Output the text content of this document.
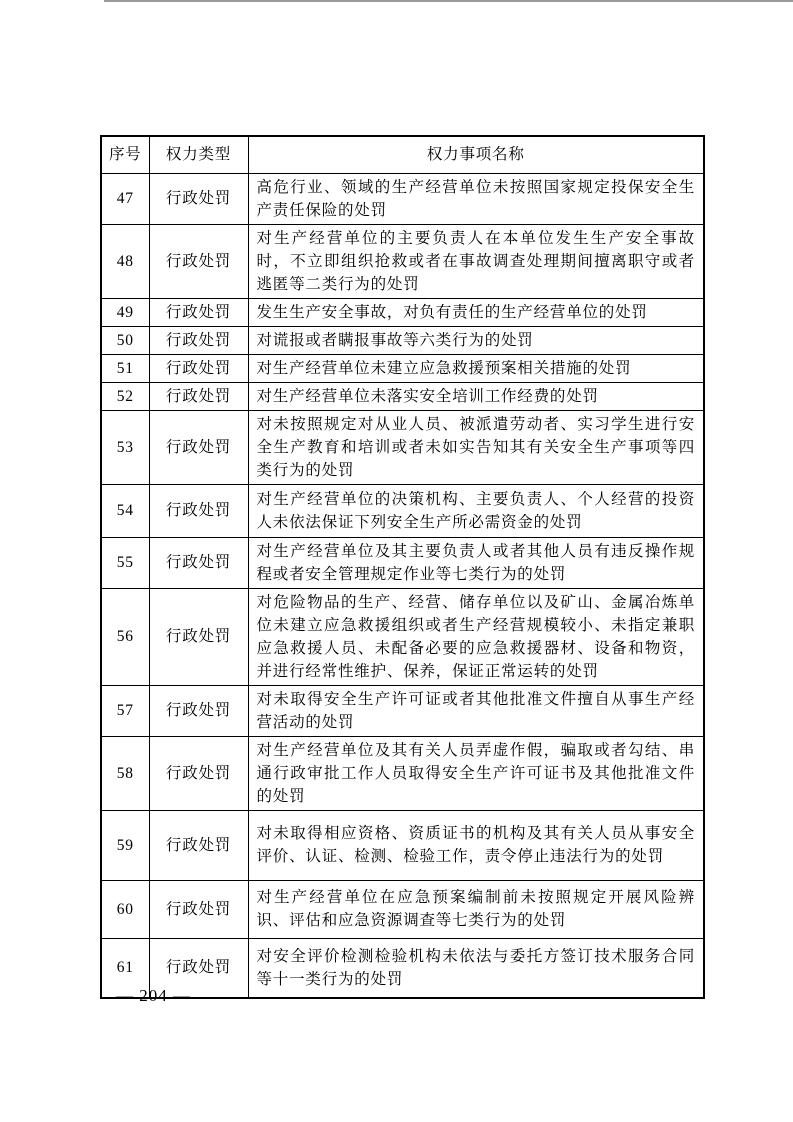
序号	权力类型	权力事项名称
47	行政处罚	高危行业、领域的生产经营单位未按照国家规定投保安全生产责任保险的处罚
48	行政处罚	对生产经营单位的主要负责人在本单位发生生产安全事故时，不立即组织抢救或者在事故调查处理期间擅离职守或者逃匿等二类行为的处罚
49	行政处罚	发生生产安全事故，对负有责任的生产经营单位的处罚
50	行政处罚	对谎报或者瞒报事故等六类行为的处罚
51	行政处罚	对生产经营单位未建立应急救援预案相关措施的处罚
52	行政处罚	对生产经营单位未落实安全培训工作经费的处罚
53	行政处罚	对未按照规定对从业人员、被派遣劳动者、实习学生进行安全生产教育和培训或者未如实告知其有关安全生产事项等四类行为的处罚
54	行政处罚	对生产经营单位的决策机构、主要负责人、个人经营的投资人未依法保证下列安全生产所必需资金的处罚
55	行政处罚	对生产经营单位及其主要负责人或者其他人员有违反操作规程或者安全管理规定作业等七类行为的处罚
56	行政处罚	对危险物品的生产、经营、储存单位以及矿山、金属冶炼单位未建立应急救援组织或者生产经营规模较小、未指定兼职应急救援人员、未配备必要的应急救援器材、设备和物资，并进行经常性维护、保养，保证正常运转的处罚
57	行政处罚	对未取得安全生产许可证或者其他批准文件擅自从事生产经营活动的处罚
58	行政处罚	对生产经营单位及其有关人员弄虚作假，骗取或者勾结、串通行政审批工作人员取得安全生产许可证书及其他批准文件的处罚
59	行政处罚	对未取得相应资格、资质证书的机构及其有关人员从事安全评价、认证、检测、检验工作，责令停止违法行为的处罚
60	行政处罚	对生产经营单位在应急预案编制前未按照规定开展风险辨识、评估和应急资源调查等七类行为的处罚
61	行政处罚	对安全评价检测检验机构未依法与委托方签订技术服务合同等十一类行为的处罚
— 204 —
